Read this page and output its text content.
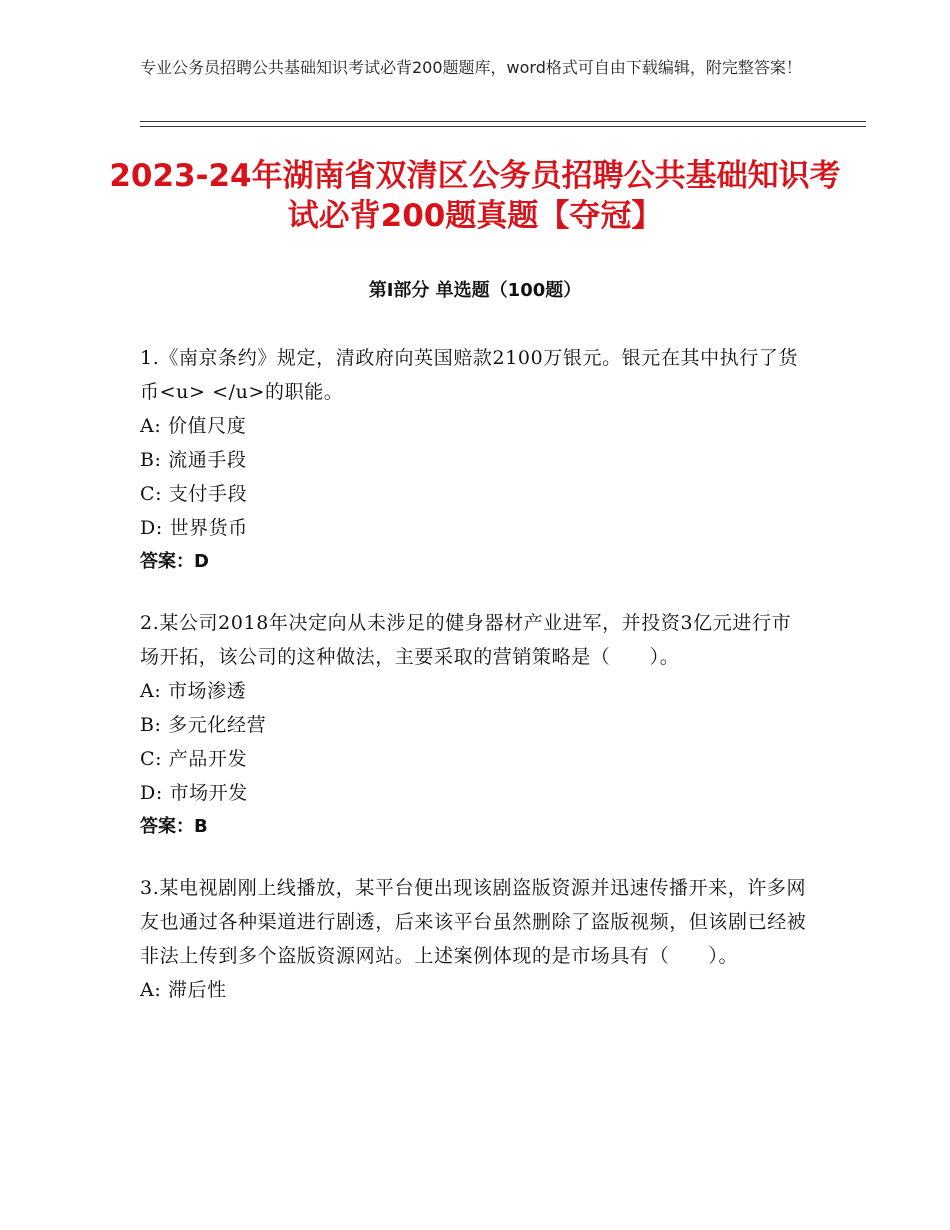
专业公务员招聘公共基础知识考试必背200题题库，word格式可自由下载编辑，附完整答案！
2023-24年湖南省双清区公务员招聘公共基础知识考试必背200题真题【夺冠】
第Ⅰ部分 单选题（100题）
1.《南京条约》规定，清政府向英国赔款2100万银元。银元在其中执行了货币<u> </u>的职能。
A: 价值尺度
B: 流通手段
C: 支付手段
D: 世界货币
答案：D
2.某公司2018年决定向从未涉足的健身器材产业进军，并投资3亿元进行市场开拓，该公司的这种做法，主要采取的营销策略是（　　）。
A: 市场渗透
B: 多元化经营
C: 产品开发
D: 市场开发
答案：B
3.某电视剧刚上线播放，某平台便出现该剧盗版资源并迅速传播开来，许多网友也通过各种渠道进行剧透，后来该平台虽然删除了盗版视频，但该剧已经被非法上传到多个盗版资源网站。上述案例体现的是市场具有（　　）。
A: 滞后性
